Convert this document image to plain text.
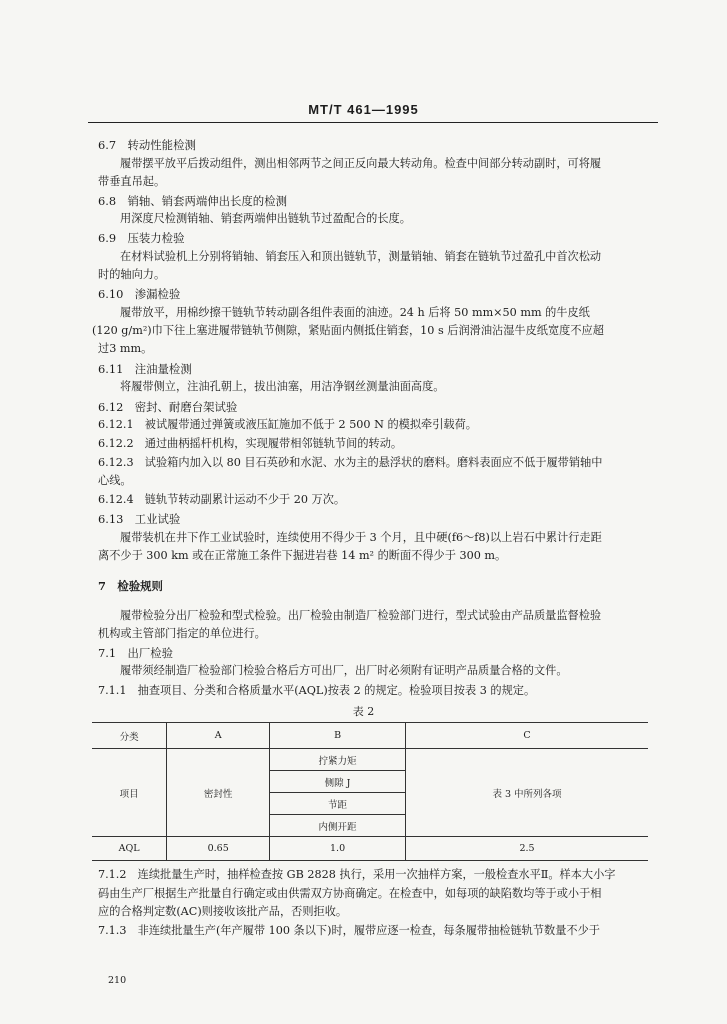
MT/T 461—1995
6.7　转动性能检测
履带摆平放平后拨动组件，测出相邻两节之间正反向最大转动角。检查中间部分转动副时，可将履
带垂直吊起。
6.8　销轴、销套两端伸出长度的检测
用深度尺检测销轴、销套两端伸出链轨节过盈配合的长度。
6.9　压装力检验
在材料试验机上分别将销轴、销套压入和顶出链轨节，测量销轴、销套在链轨节过盈孔中首次松动
时的轴向力。
6.10　渗漏检验
履带放平，用棉纱擦干链轨节转动副各组件表面的油迹。24 h 后将 50 mm×50 mm 的牛皮纸
(120 g/m²)巾下往上塞进履带链轨节侧隙，紧贴面内侧抵住销套，10 s 后润滑油沾湿牛皮纸宽度不应超
过3 mm。
6.11　注油量检测
将履带侧立，注油孔朝上，拔出油塞，用洁净钢丝测量油面高度。
6.12　密封、耐磨台架试验
6.12.1　被试履带通过弹簧或液压缸施加不低于 2 500 N 的模拟牵引载荷。
6.12.2　通过曲柄摇杆机构，实现履带相邻链轨节间的转动。
6.12.3　试验箱内加入以 80 目石英砂和水泥、水为主的悬浮状的磨料。磨料表面应不低于履带销轴中
心线。
6.12.4　链轨节转动副累计运动不少于 20 万次。
6.13　工业试验
履带装机在井下作工业试验时，连续使用不得少于 3 个月，且中硬(f6～f8)以上岩石中累计行走距
离不少于 300 km 或在正常施工条件下掘进岩巷 14 m² 的断面不得少于 300 m。
7　检验规则
履带检验分出厂检验和型式检验。出厂检验由制造厂检验部门进行，型式试验由产品质量监督检验
机构或主管部门指定的单位进行。
7.1　出厂检验
履带须经制造厂检验部门检验合格后方可出厂，出厂时必须附有证明产品质量合格的文件。
7.1.1　抽查项目、分类和合格质量水平(AQL)按表 2 的规定。检验项目按表 3 的规定。
7.1.2　连续批量生产时，抽样检查按 GB 2828 执行，采用一次抽样方案，一般检查水平Ⅱ。样本大小字
码由生产厂根据生产批量自行确定或由供需双方协商确定。在检查中，如每项的缺陷数均等于或小于相
应的合格判定数(AC)则接收该批产品，否则拒收。
7.1.3　非连续批量生产(年产履带 100 条以下)时，履带应逐一检查，每条履带抽检链轨节数量不少于
表 2
分类	A	B	C
项目	密封性	拧紧力矩	表 3 中所列各项
		侧隙 J	
		节距	
		内侧开距	
AQL	0.65	1.0	2.5
210
